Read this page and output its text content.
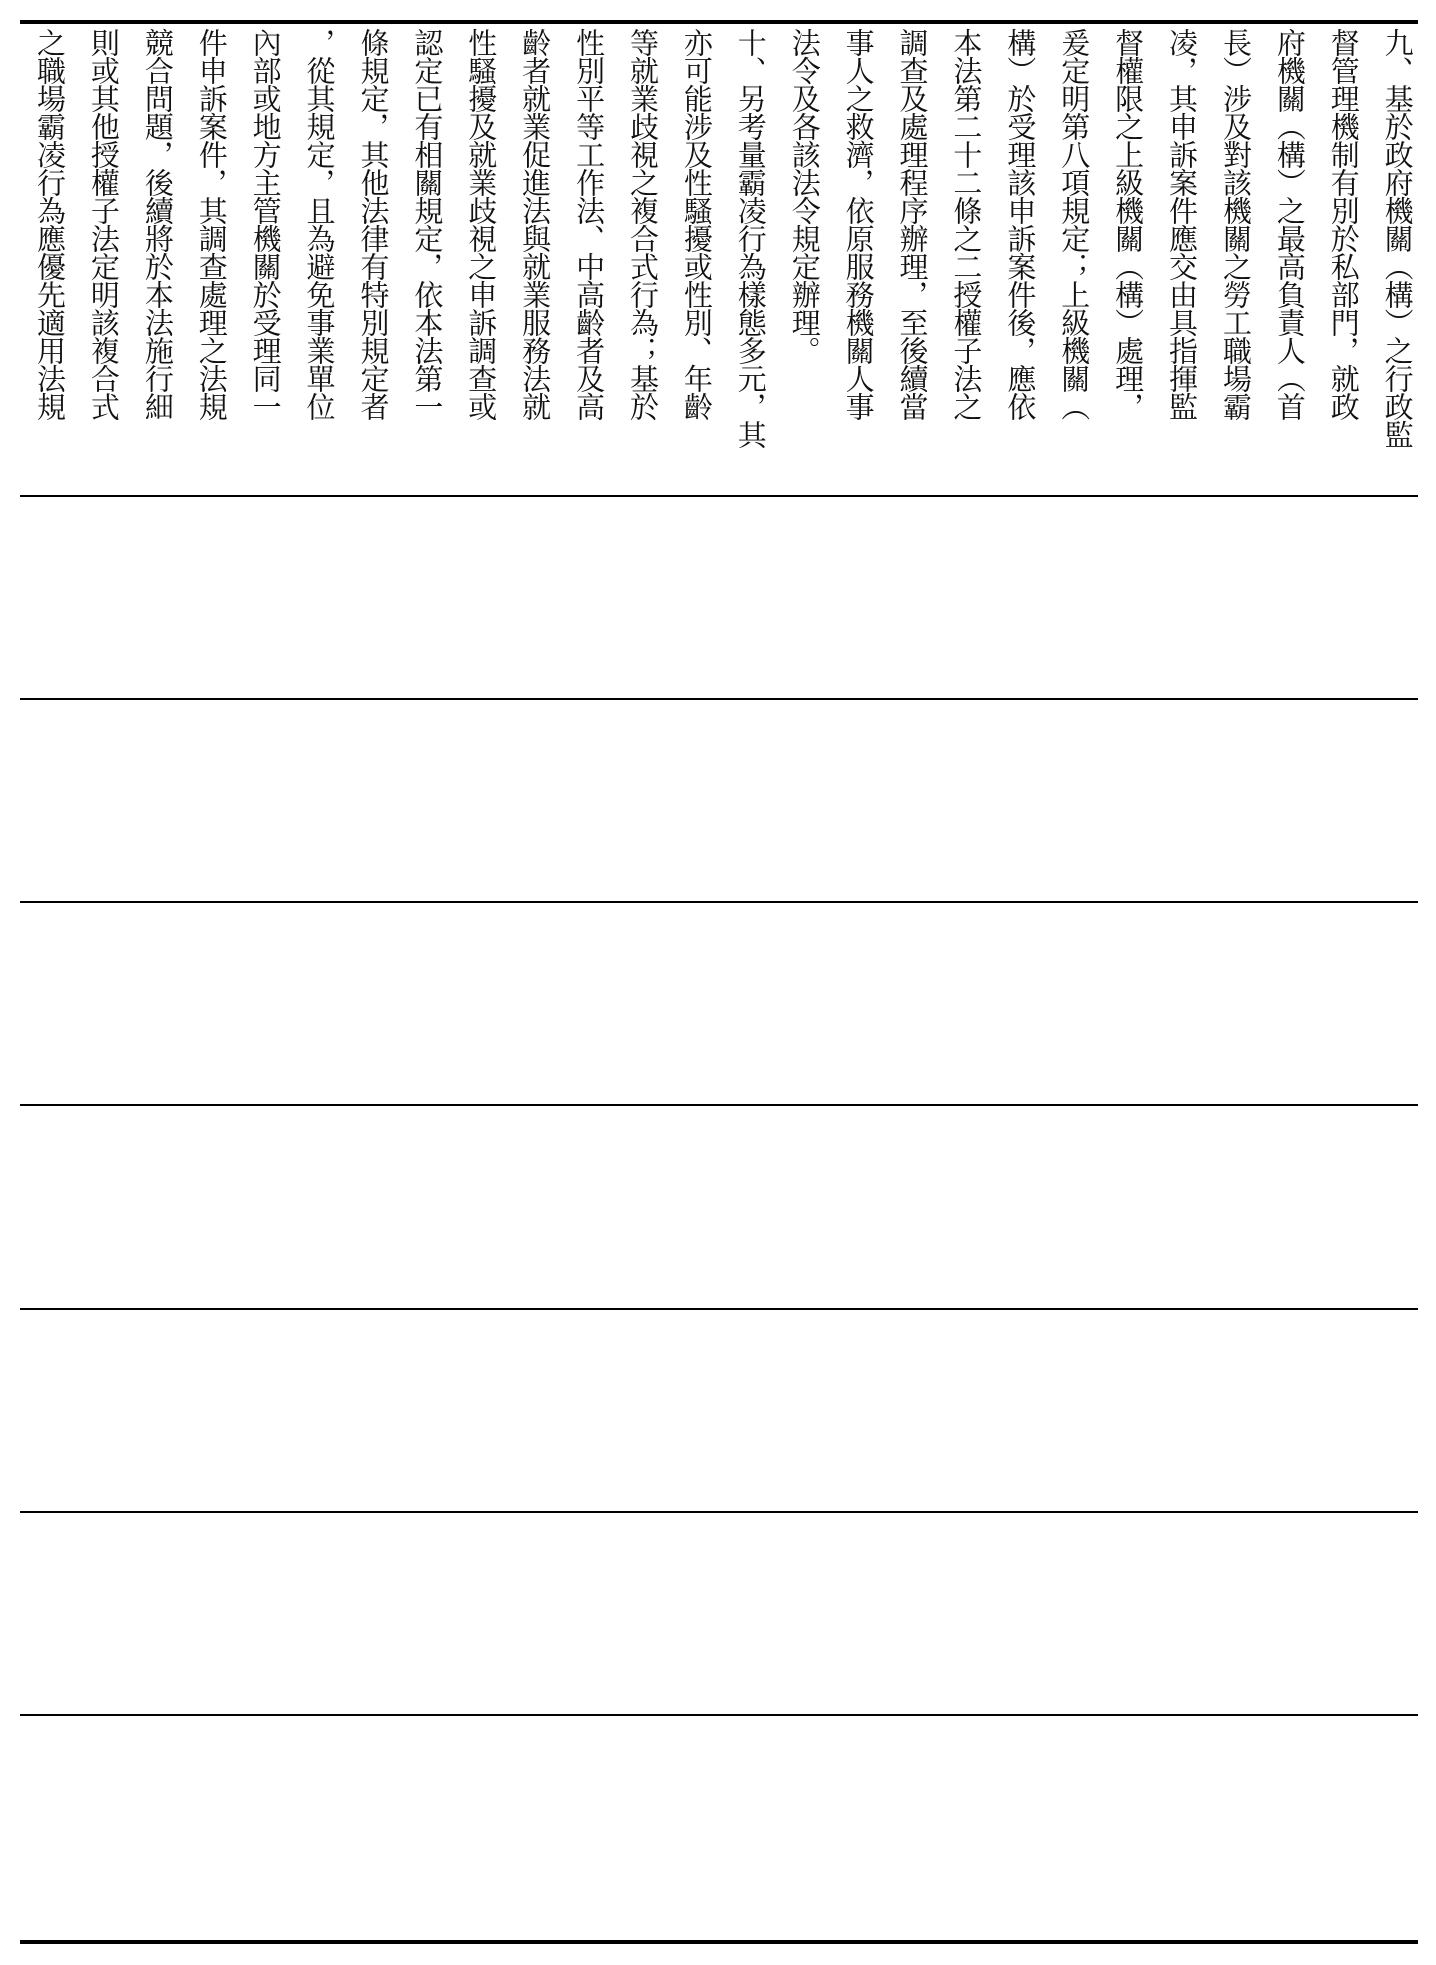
之
職
場
霸
凌
行
為
應
優
先
適
用
法
規
則
或
其
他
授
權
子
法
定
明
該
複
合
式
競
合
問
題
，
後
續
將
於
本
法
施
行
細
件
申
訴
案
件
，
其
調
查
處
理
之
法
規
內
部
或
地
方
主
管
機
關
於
受
理
同
一
，
從
其
規
定
，
且
為
避
免
事
業
單
位
條
規
定
，
其
他
法
律
有
特
別
規
定
者
認
定
已
有
相
關
規
定
，
依
本
法
第
一
性
騷
擾
及
就
業
歧
視
之
申
訴
調
查
或
齡
者
就
業
促
進
法
與
就
業
服
務
法
就
性
別
平
等
工
作
法
、
中
高
齡
者
及
高
等
就
業
歧
視
之
複
合
式
行
為
；
基
於
亦
可
能
涉
及
性
騷
擾
或
性
別
、
年
齡
十
、
另
考
量
霸
凌
行
為
樣
態
多
元
，
其
法
令
及
各
該
法
令
規
定
辦
理
。
事
人
之
救
濟
，
依
原
服
務
機
關
人
事
調
查
及
處
理
程
序
辦
理
，
至
後
續
當
本
法
第
二
十
二
條
之
二
授
權
子
法
之
構
）
於
受
理
該
申
訴
案
件
後
，
應
依
爰
定
明
第
八
項
規
定
；
上
級
機
關
（
督
權
限
之
上
級
機
關
（
構
）
處
理
，
凌
，
其
申
訴
案
件
應
交
由
具
指
揮
監
長
）
涉
及
對
該
機
關
之
勞
工
職
場
霸
府
機
關
（
構
）
之
最
高
負
責
人
（
首
督
管
理
機
制
有
別
於
私
部
門
，
就
政
九
、
基
於
政
府
機
關
（
構
）
之
行
政
監
